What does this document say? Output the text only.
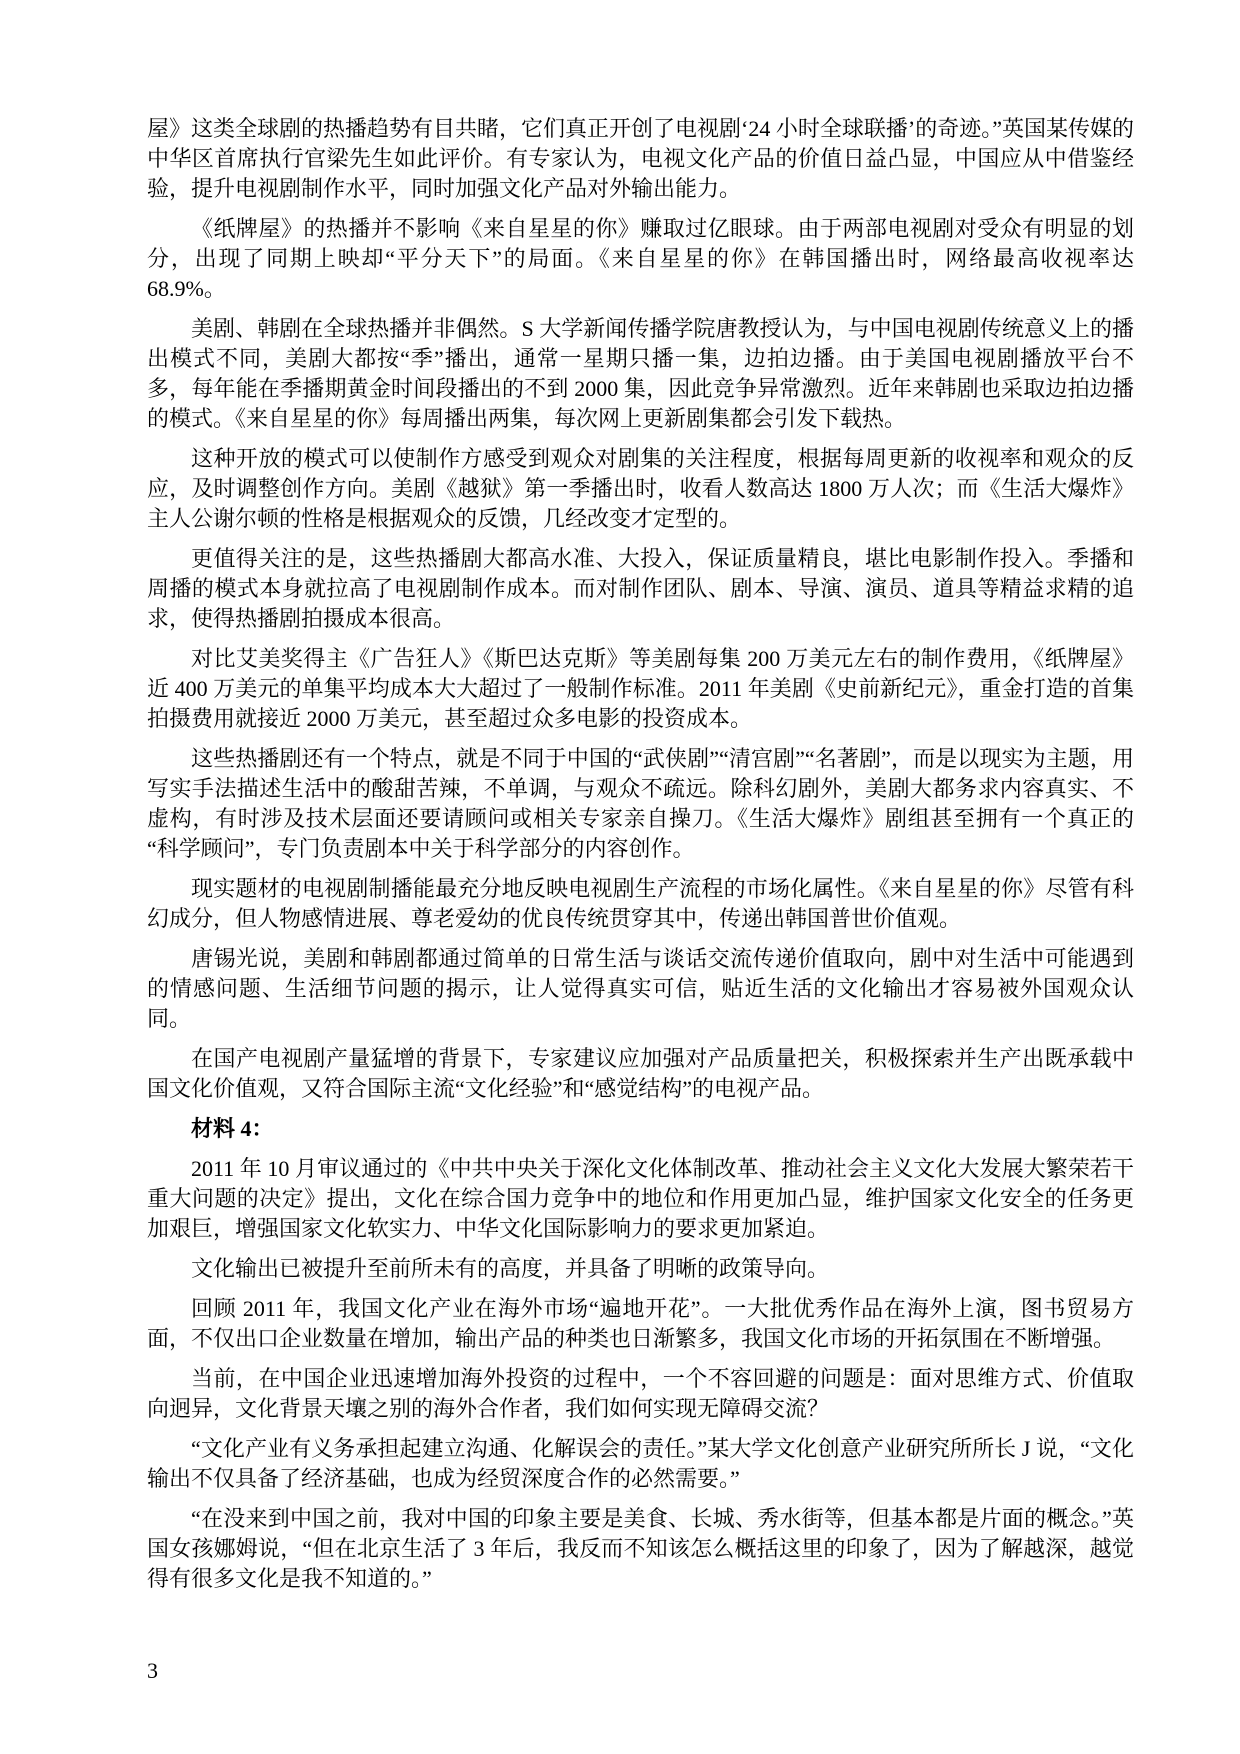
屋》这类全球剧的热播趋势有目共睹，它们真正开创了电视剧‘24 小时全球联播’的奇迹。”英国某传媒的中华区首席执行官梁先生如此评价。有专家认为，电视文化产品的价值日益凸显，中国应从中借鉴经验，提升电视剧制作水平，同时加强文化产品对外输出能力。

《纸牌屋》的热播并不影响《来自星星的你》赚取过亿眼球。由于两部电视剧对受众有明显的划分，出现了同期上映却“平分天下”的局面。《来自星星的你》在韩国播出时，网络最高收视率达 68.9%。

美剧、韩剧在全球热播并非偶然。S 大学新闻传播学院唐教授认为，与中国电视剧传统意义上的播出模式不同，美剧大都按“季”播出，通常一星期只播一集，边拍边播。由于美国电视剧播放平台不多，每年能在季播期黄金时间段播出的不到 2000 集，因此竞争异常激烈。近年来韩剧也采取边拍边播的模式。《来自星星的你》每周播出两集，每次网上更新剧集都会引发下载热。

这种开放的模式可以使制作方感受到观众对剧集的关注程度，根据每周更新的收视率和观众的反应，及时调整创作方向。美剧《越狱》第一季播出时，收看人数高达 1800 万人次；而《生活大爆炸》主人公谢尔顿的性格是根据观众的反馈，几经改变才定型的。

更值得关注的是，这些热播剧大都高水准、大投入，保证质量精良，堪比电影制作投入。季播和周播的模式本身就拉高了电视剧制作成本。而对制作团队、剧本、导演、演员、道具等精益求精的追求，使得热播剧拍摄成本很高。

对比艾美奖得主《广告狂人》《斯巴达克斯》等美剧每集 200 万美元左右的制作费用，《纸牌屋》近 400 万美元的单集平均成本大大超过了一般制作标准。2011 年美剧《史前新纪元》，重金打造的首集拍摄费用就接近 2000 万美元，甚至超过众多电影的投资成本。

这些热播剧还有一个特点，就是不同于中国的“武侠剧”“清宫剧”“名著剧”，而是以现实为主题，用写实手法描述生活中的酸甜苦辣，不单调，与观众不疏远。除科幻剧外，美剧大都务求内容真实、不虚构，有时涉及技术层面还要请顾问或相关专家亲自操刀。《生活大爆炸》剧组甚至拥有一个真正的“科学顾问”，专门负责剧本中关于科学部分的内容创作。

现实题材的电视剧制播能最充分地反映电视剧生产流程的市场化属性。《来自星星的你》尽管有科幻成分，但人物感情进展、尊老爱幼的优良传统贯穿其中，传递出韩国普世价值观。

唐锡光说，美剧和韩剧都通过简单的日常生活与谈话交流传递价值取向，剧中对生活中可能遇到的情感问题、生活细节问题的揭示，让人觉得真实可信，贴近生活的文化输出才容易被外国观众认同。

在国产电视剧产量猛增的背景下，专家建议应加强对产品质量把关，积极探索并生产出既承载中国文化价值观，又符合国际主流“文化经验”和“感觉结构”的电视产品。

材料 4：

2011 年 10 月审议通过的《中共中央关于深化文化体制改革、推动社会主义文化大发展大繁荣若干重大问题的决定》提出，文化在综合国力竞争中的地位和作用更加凸显，维护国家文化安全的任务更加艰巨，增强国家文化软实力、中华文化国际影响力的要求更加紧迫。

文化输出已被提升至前所未有的高度，并具备了明晰的政策导向。

回顾 2011 年，我国文化产业在海外市场“遍地开花”。一大批优秀作品在海外上演，图书贸易方面，不仅出口企业数量在增加，输出产品的种类也日渐繁多，我国文化市场的开拓氛围在不断增强。

当前，在中国企业迅速增加海外投资的过程中，一个不容回避的问题是：面对思维方式、价值取向迥异，文化背景天壤之别的海外合作者，我们如何实现无障碍交流？

“文化产业有义务承担起建立沟通、化解误会的责任。”某大学文化创意产业研究所所长 J 说，“文化输出不仅具备了经济基础，也成为经贸深度合作的必然需要。”

“在没来到中国之前，我对中国的印象主要是美食、长城、秀水街等，但基本都是片面的概念。”英国女孩娜姆说，“但在北京生活了 3 年后，我反而不知该怎么概括这里的印象了，因为了解越深，越觉得有很多文化是我不知道的。”

3
